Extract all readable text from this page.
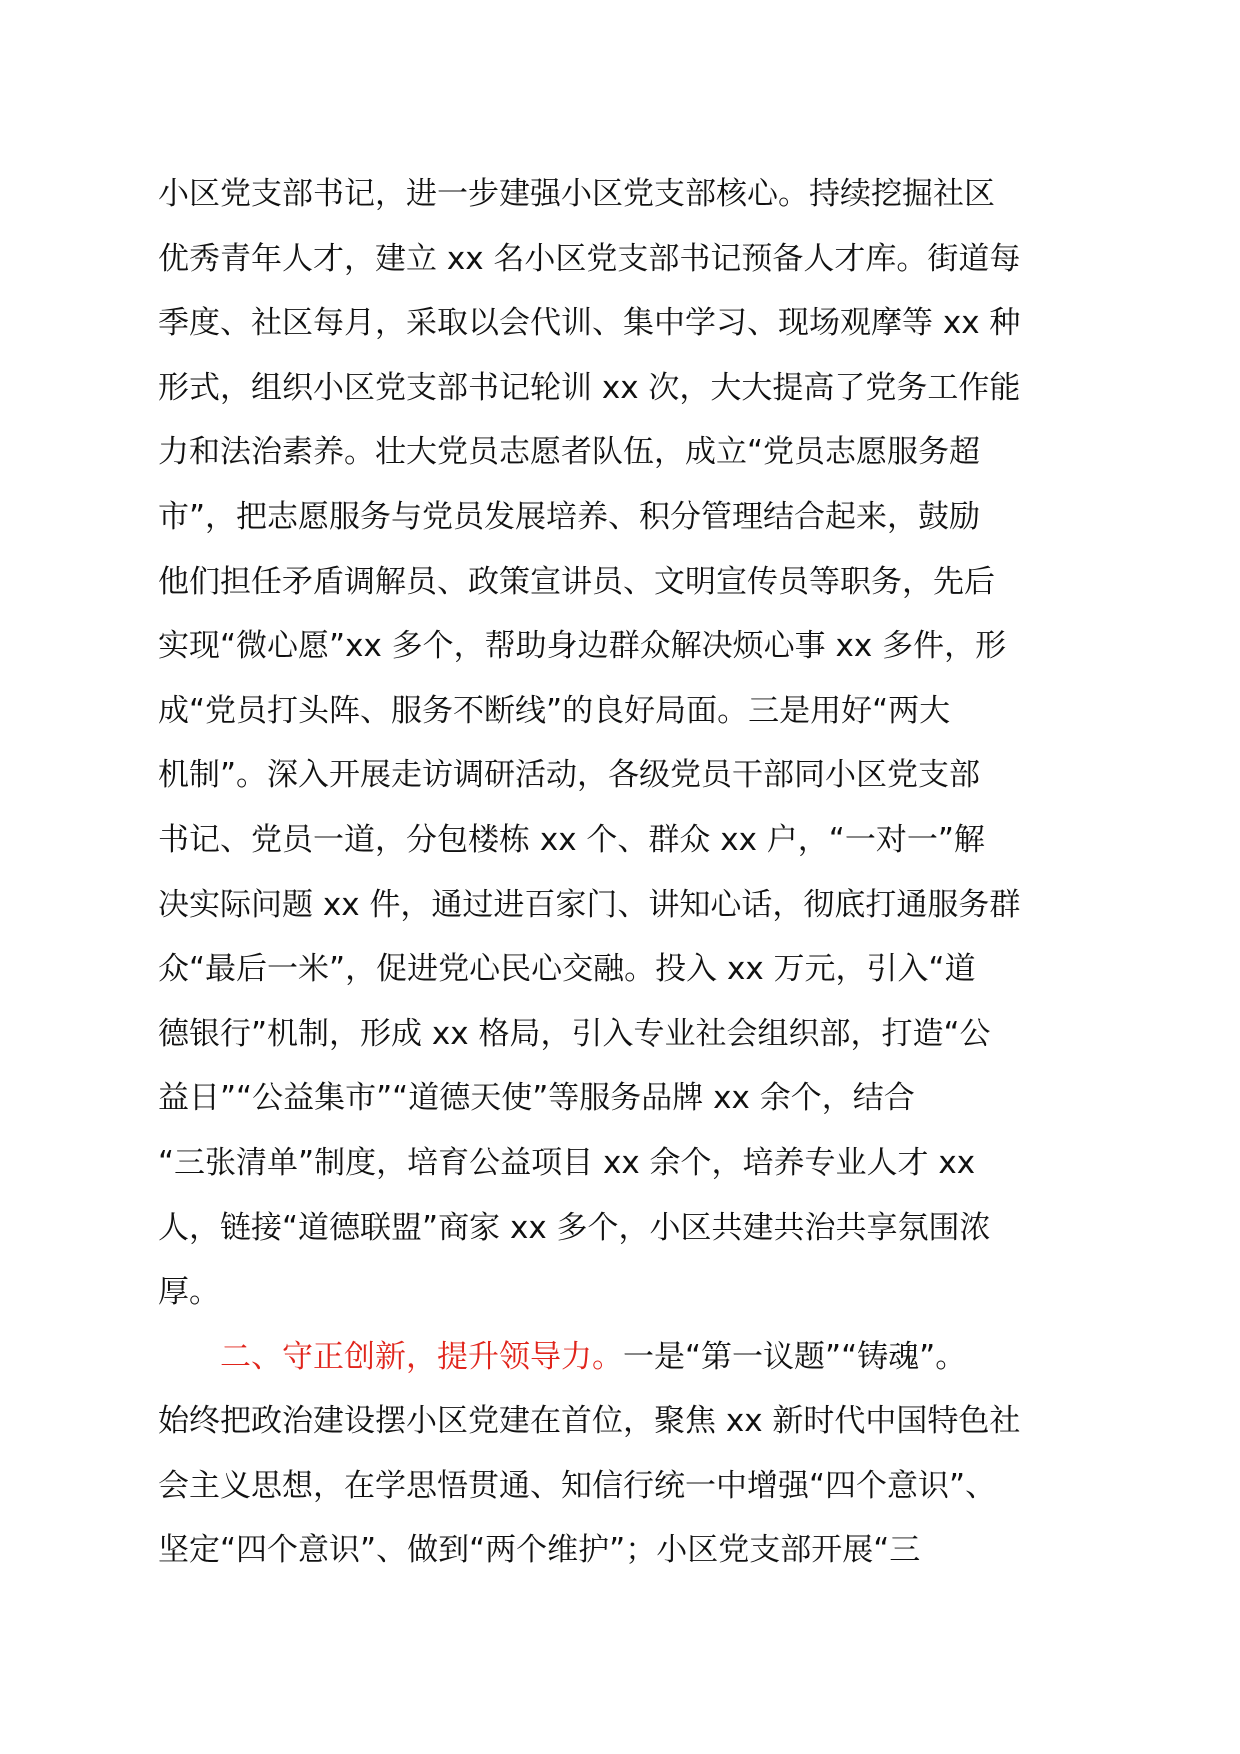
小区党支部书记，进一步建强小区党支部核心。持续挖掘社区
优秀青年人才，建立 xx 名小区党支部书记预备人才库。街道每
季度、社区每月，采取以会代训、集中学习、现场观摩等 xx 种
形式，组织小区党支部书记轮训 xx 次，大大提高了党务工作能
力和法治素养。壮大党员志愿者队伍，成立“党员志愿服务超
市”，把志愿服务与党员发展培养、积分管理结合起来，鼓励
他们担任矛盾调解员、政策宣讲员、文明宣传员等职务，先后
实现“微心愿”xx 多个，帮助身边群众解决烦心事 xx 多件，形
成“党员打头阵、服务不断线”的良好局面。三是用好“两大
机制”。深入开展走访调研活动，各级党员干部同小区党支部
书记、党员一道，分包楼栋 xx 个、群众 xx 户，“一对一”解
决实际问题 xx 件，通过进百家门、讲知心话，彻底打通服务群
众“最后一米”，促进党心民心交融。投入 xx 万元，引入“道
德银行”机制，形成 xx 格局，引入专业社会组织部，打造“公
益日”“公益集市”“道德天使”等服务品牌 xx 余个，结合
“三张清单”制度，培育公益项目 xx 余个，培养专业人才 xx
人，链接“道德联盟”商家 xx 多个，小区共建共治共享氛围浓
厚。
二、守正创新，提升领导力。一是“第一议题”“铸魂”。
始终把政治建设摆小区党建在首位，聚焦 xx 新时代中国特色社
会主义思想，在学思悟贯通、知信行统一中增强“四个意识”、
坚定“四个意识”、做到“两个维护”；小区党支部开展“三
